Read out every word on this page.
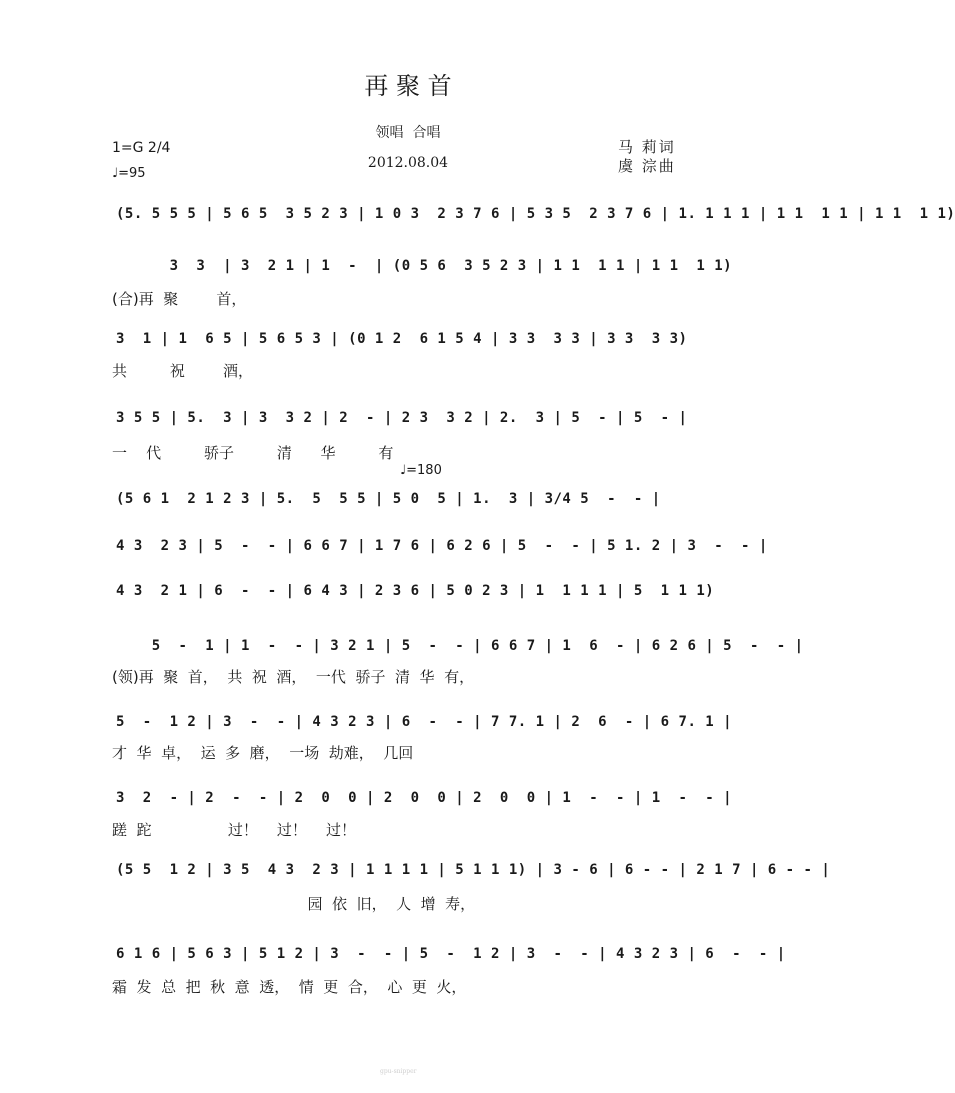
再 聚 首
领唱  合唱
2012.08.04
马 莉词
虞 淙曲
1=G 2/4
♩=95
♩=180
(5. 5 5 5 | 5 6 5  3 5 2 3 | 1 0 3  2 3 7 6 | 5 3 5  2 3 7 6 | 1. 1 1 1 | 1 1  1 1 | 1 1  1 1)
3  3  | 3  2 1 | 1  -  | (0 5 6  3 5 2 3 | 1 1  1 1 | 1 1  1 1)
(合)再  聚        首，
3  1 | 1  6 5 | 5 6 5 3 | (0 1 2  6 1 5 4 | 3 3  3 3 | 3 3  3 3)
共         祝        酒，
3 5 5 | 5.  3 | 3  3 2 | 2  - | 2 3  3 2 | 2.  3 | 5  - | 5  - |
一    代         骄子         清      华         有
(5 6 1  2 1 2 3 | 5.  5  5 5 | 5 0  5 | 1.  3 | 3/4 5  -  - |
4 3  2 3 | 5  -  - | 6 6 7 | 1 7 6 | 6 2 6 | 5  -  - | 5 1. 2 | 3  -  - |
4 3  2 1 | 6  -  - | 6 4 3 | 2 3 6 | 5 0 2 3 | 1  1 1 1 | 5  1 1 1)
5  -  1 | 1  -  - | 3 2 1 | 5  -  - | 6 6 7 | 1  6  - | 6 2 6 | 5  -  - |
(领)再  聚  首，  共  祝  酒，  一代  骄子  清  华  有，
5  -  1 2 | 3  -  - | 4 3 2 3 | 6  -  - | 7 7. 1 | 2  6  - | 6 7. 1 |
才  华  卓，  运  多  磨，  一场  劫难，  几回
3  2  - | 2  -  - | 2  0  0 | 2  0  0 | 2  0  0 | 1  -  - | 1  -  - |
蹉  跎                过！    过！    过！
(5 5  1 2 | 3 5  4 3  2 3 | 1 1 1 1 | 5 1 1 1) | 3 - 6 | 6 - - | 2 1 7 | 6 - - |
园  依  旧，  人  增  寿，
6 1 6 | 5 6 3 | 5 1 2 | 3  -  - | 5  -  1 2 | 3  -  - | 4 3 2 3 | 6  -  - |
霜  发  总  把  秋  意  透，  情  更  合，  心  更  火，
gpu-snipper
